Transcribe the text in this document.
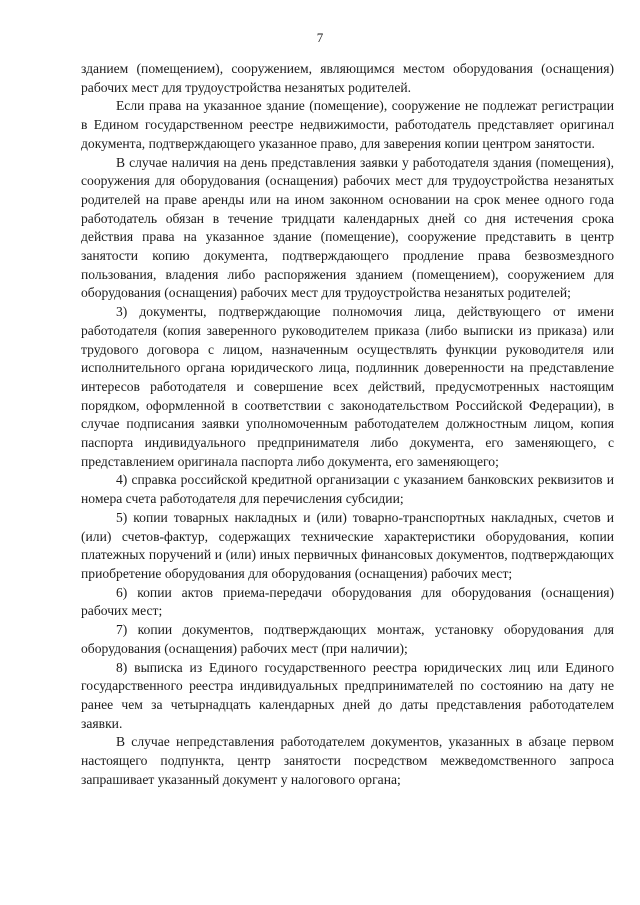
7

зданием (помещением), сооружением, являющимся местом оборудования (оснащения) рабочих мест для трудоустройства незанятых родителей.

Если права на указанное здание (помещение), сооружение не подлежат регистрации в Едином государственном реестре недвижимости, работодатель представляет оригинал документа, подтверждающего указанное право, для заверения копии центром занятости.

В случае наличия на день представления заявки у работодателя здания (помещения), сооружения для оборудования (оснащения) рабочих мест для трудоустройства незанятых родителей на праве аренды или на ином законном основании на срок менее одного года работодатель обязан в течение тридцати календарных дней со дня истечения срока действия права на указанное здание (помещение), сооружение представить в центр занятости копию документа, подтверждающего продление права безвозмездного пользования, владения либо распоряжения зданием (помещением), сооружением для оборудования (оснащения) рабочих мест для трудоустройства незанятых родителей;

3) документы, подтверждающие полномочия лица, действующего от имени работодателя (копия заверенного руководителем приказа (либо выписки из приказа) или трудового договора с лицом, назначенным осуществлять функции руководителя или исполнительного органа юридического лица, подлинник доверенности на представление интересов работодателя и совершение всех действий, предусмотренных настоящим порядком, оформленной в соответствии с законодательством Российской Федерации), в случае подписания заявки уполномоченным работодателем должностным лицом, копия паспорта индивидуального предпринимателя либо документа, его заменяющего, с представлением оригинала паспорта либо документа, его заменяющего;

4) справка российской кредитной организации с указанием банковских реквизитов и номера счета работодателя для перечисления субсидии;

5) копии товарных накладных и (или) товарно-транспортных накладных, счетов и (или) счетов-фактур, содержащих технические характеристики оборудования, копии платежных поручений и (или) иных первичных финансовых документов, подтверждающих приобретение оборудования для оборудования (оснащения) рабочих мест;

6) копии актов приема-передачи оборудования для оборудования (оснащения) рабочих мест;

7) копии документов, подтверждающих монтаж, установку оборудования для оборудования (оснащения) рабочих мест (при наличии);

8) выписка из Единого государственного реестра юридических лиц или Единого государственного реестра индивидуальных предпринимателей по состоянию на дату не ранее чем за четырнадцать календарных дней до даты представления работодателем заявки.

В случае непредставления работодателем документов, указанных в абзаце первом настоящего подпункта, центр занятости посредством межведомственного запроса запрашивает указанный документ у налогового органа;
